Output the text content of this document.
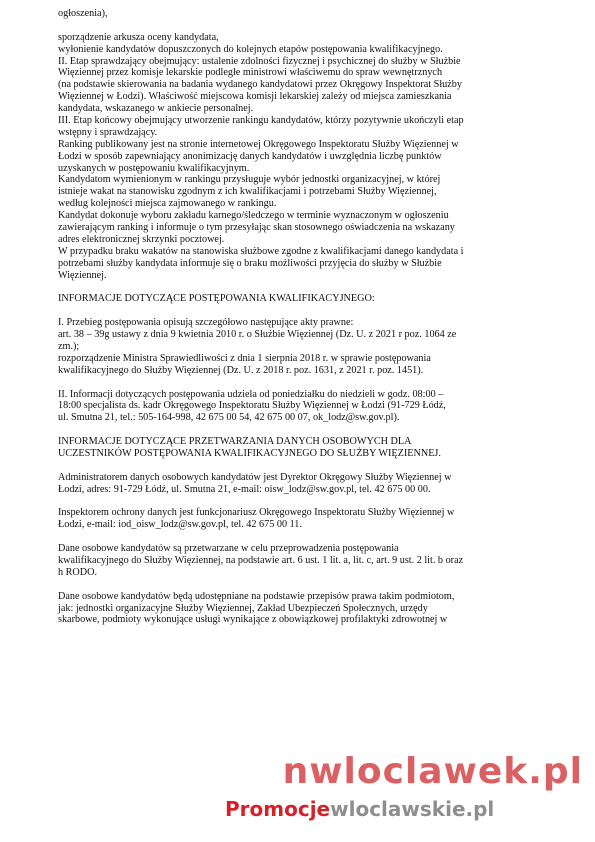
ogłoszenia),
sporządzenie arkusza oceny kandydata,
wyłonienie kandydatów dopuszczonych do kolejnych etapów postępowania kwalifikacyjnego.
II. Etap sprawdzający obejmujący: ustalenie zdolności fizycznej i psychicznej do służby w Służbie
Więziennej przez komisje lekarskie podległe ministrowi właściwemu do spraw wewnętrznych
(na podstawie skierowania na badania wydanego kandydatowi przez Okręgowy Inspektorat Służby
Więziennej w Łodzi). Właściwość miejscowa komisji lekarskiej zależy od miejsca zamieszkania
kandydata, wskazanego w ankiecie personalnej.
III. Etap końcowy obejmujący utworzenie rankingu kandydatów, którzy pozytywnie ukończyli etap
wstępny i sprawdzający.
Ranking publikowany jest na stronie internetowej Okręgowego Inspektoratu Służby Więziennej w
Łodzi w sposób zapewniający anonimizację danych kandydatów i uwzględnia liczbę punktów
uzyskanych w postępowaniu kwalifikacyjnym.
Kandydatom wymienionym w rankingu przysługuje wybór jednostki organizacyjnej, w której
istnieje wakat na stanowisku zgodnym z ich kwalifikacjami i potrzebami Służby Więziennej,
według kolejności miejsca zajmowanego w rankingu.
Kandydat dokonuje wyboru zakładu karnego/śledczego w terminie wyznaczonym w ogłoszeniu
zawierającym ranking i informuje o tym przesyłając skan stosownego oświadczenia na wskazany
adres elektronicznej skrzynki pocztowej.
W przypadku braku wakatów na stanowiska służbowe zgodne z kwalifikacjami danego kandydata i
potrzebami służby kandydata informuje się o braku możliwości przyjęcia do służby w Służbie
Więziennej.
INFORMACJE DOTYCZĄCE POSTĘPOWANIA KWALIFIKACYJNEGO:
I. Przebieg postępowania opisują szczegółowo następujące akty prawne:
art. 38 – 39g ustawy z dnia 9 kwietnia 2010 r. o Służbie Więziennej (Dz. U. z 2021 r poz. 1064 ze
zm.);
rozporządzenie Ministra Sprawiedliwości z dnia 1 sierpnia 2018 r. w sprawie postępowania
kwalifikacyjnego do Służby Więziennej (Dz. U. z 2018 r. poz. 1631, z 2021 r. poz. 1451).
II. Informacji dotyczących postępowania udziela od poniedziałku do niedzieli w godz. 08:00 –
18:00 specjalista ds. kadr Okręgowego Inspektoratu Służby Więziennej w Łodzi (91-729 Łódź,
ul. Smutna 21, tel.: 505-164-998, 42 675 00 54, 42 675 00 07, ok_lodz@sw.gov.pl).
INFORMACJE DOTYCZĄCE PRZETWARZANIA DANYCH OSOBOWYCH DLA
UCZESTNIKÓW POSTĘPOWANIA KWALIFIKACYJNEGO DO SŁUŻBY WIĘZIENNEJ.
Administratorem danych osobowych kandydatów jest Dyrektor Okręgowy Służby Więziennej w
Łodzi, adres: 91-729 Łódź, ul. Smutna 21, e-mail: oisw_lodz@sw.gov.pl, tel. 42 675 00 00.
Inspektorem ochrony danych jest funkcjonariusz Okręgowego Inspektoratu Służby Więziennej w
Łodzi, e-mail: iod_oisw_lodz@sw.gov.pl, tel. 42 675 00 11.
Dane osobowe kandydatów są przetwarzane w celu przeprowadzenia postępowania
kwalifikacyjnego do Służby Więziennej, na podstawie art. 6 ust. 1 lit. a, lit. c, art. 9 ust. 2 lit. b oraz
h RODO.
Dane osobowe kandydatów będą udostępniane na podstawie przepisów prawa takim podmiotom,
jak: jednostki organizacyjne Służby Więziennej, Zakład Ubezpieczeń Społecznych, urzędy
skarbowe, podmioty wykonujące usługi wynikające z obowiązkowej profilaktyki zdrowotnej w
nwloclawek.pl
Promocjewloclawskie.pl
